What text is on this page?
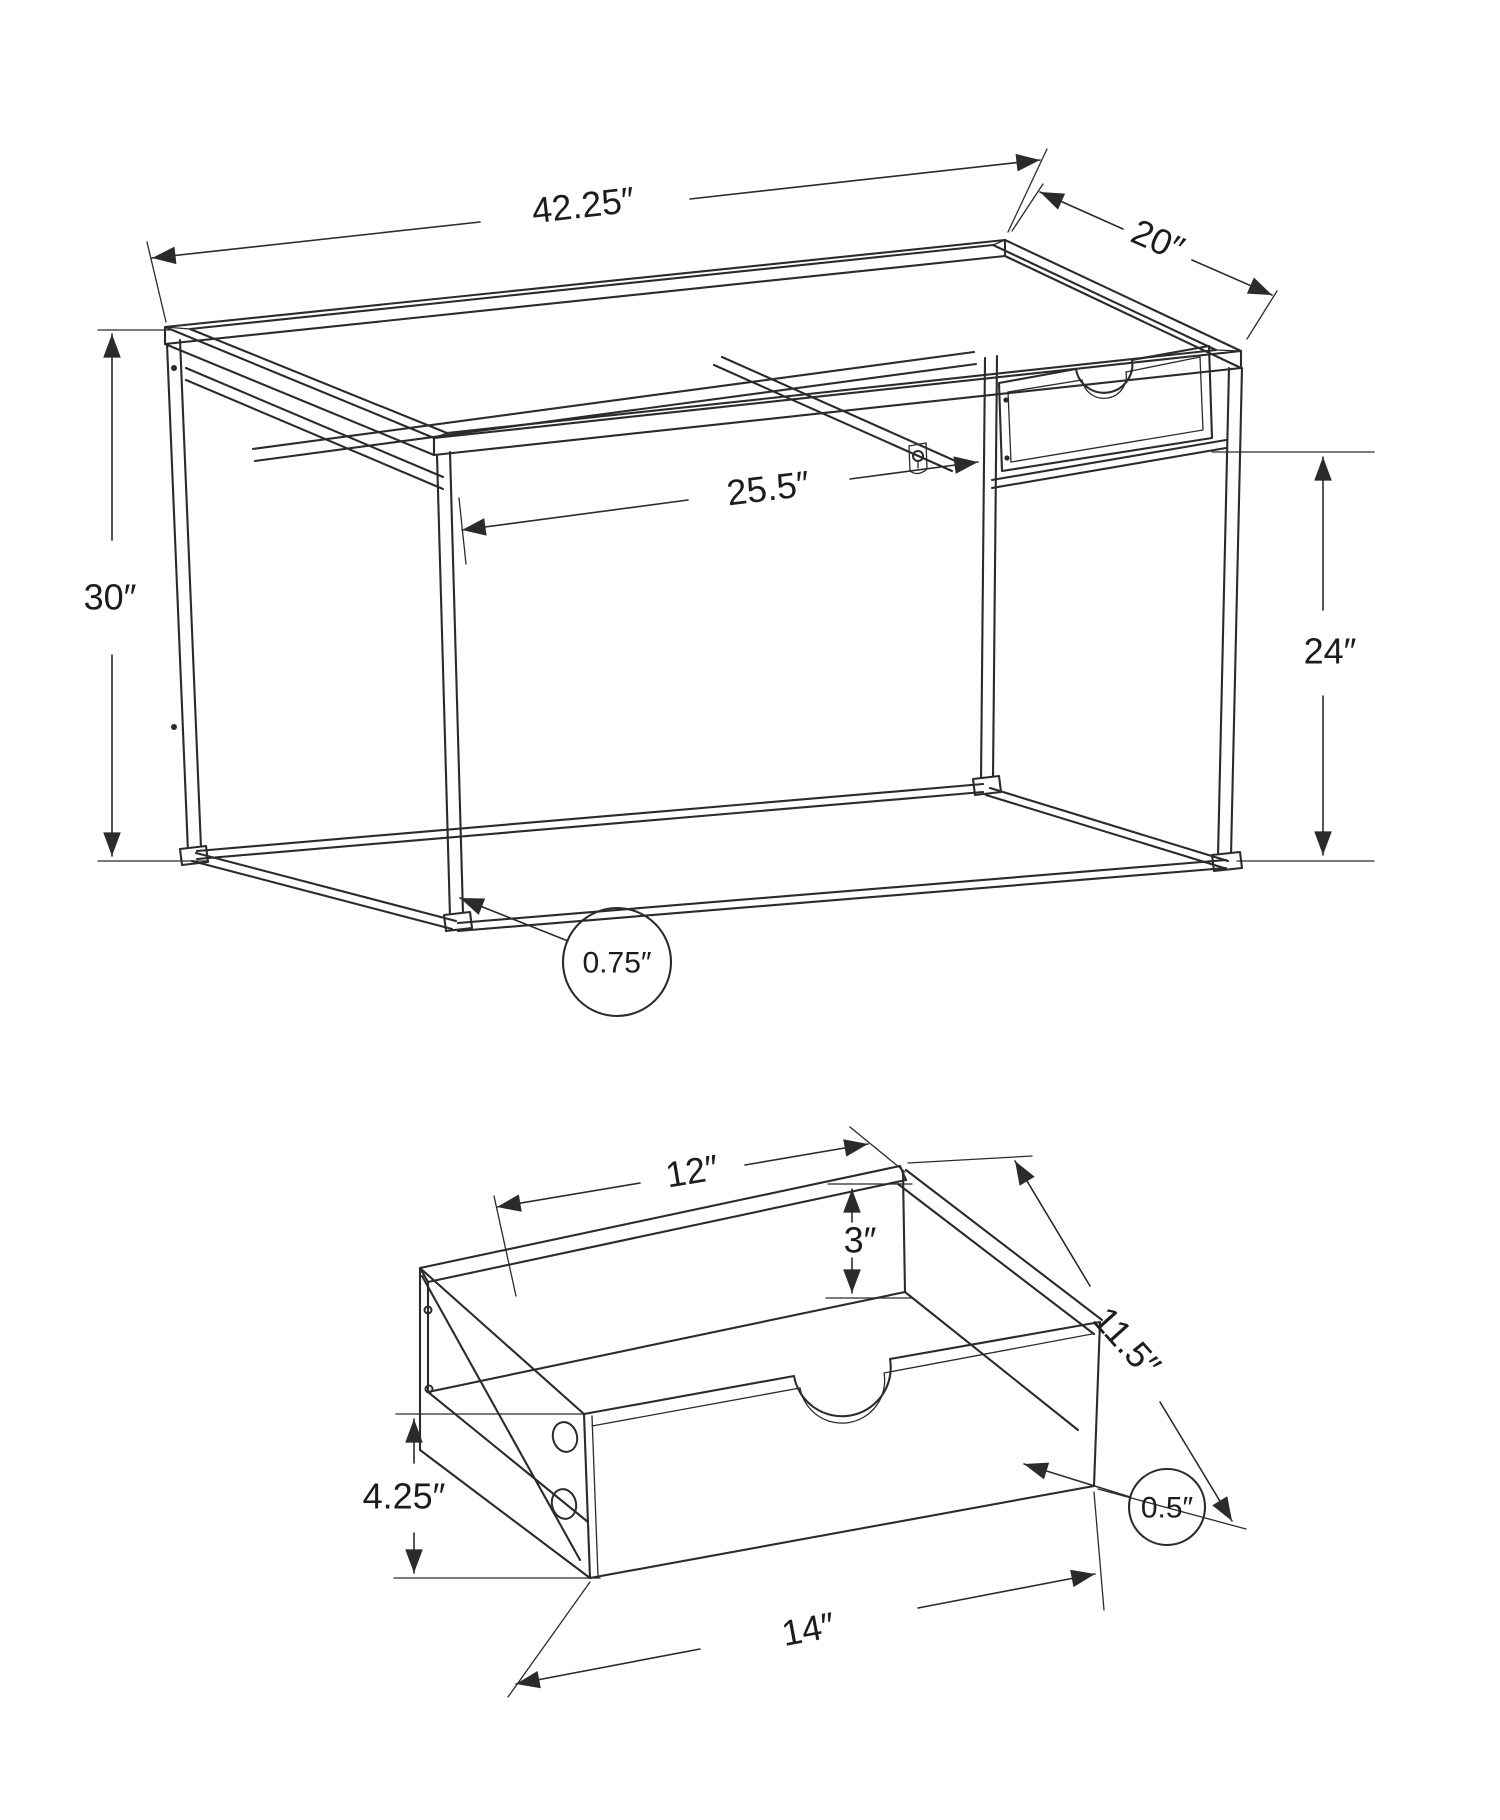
42.25″
20″
30″
25.5″
24″
0.75″
12″
3″
11.5″
4.25″	0.5″
14″
